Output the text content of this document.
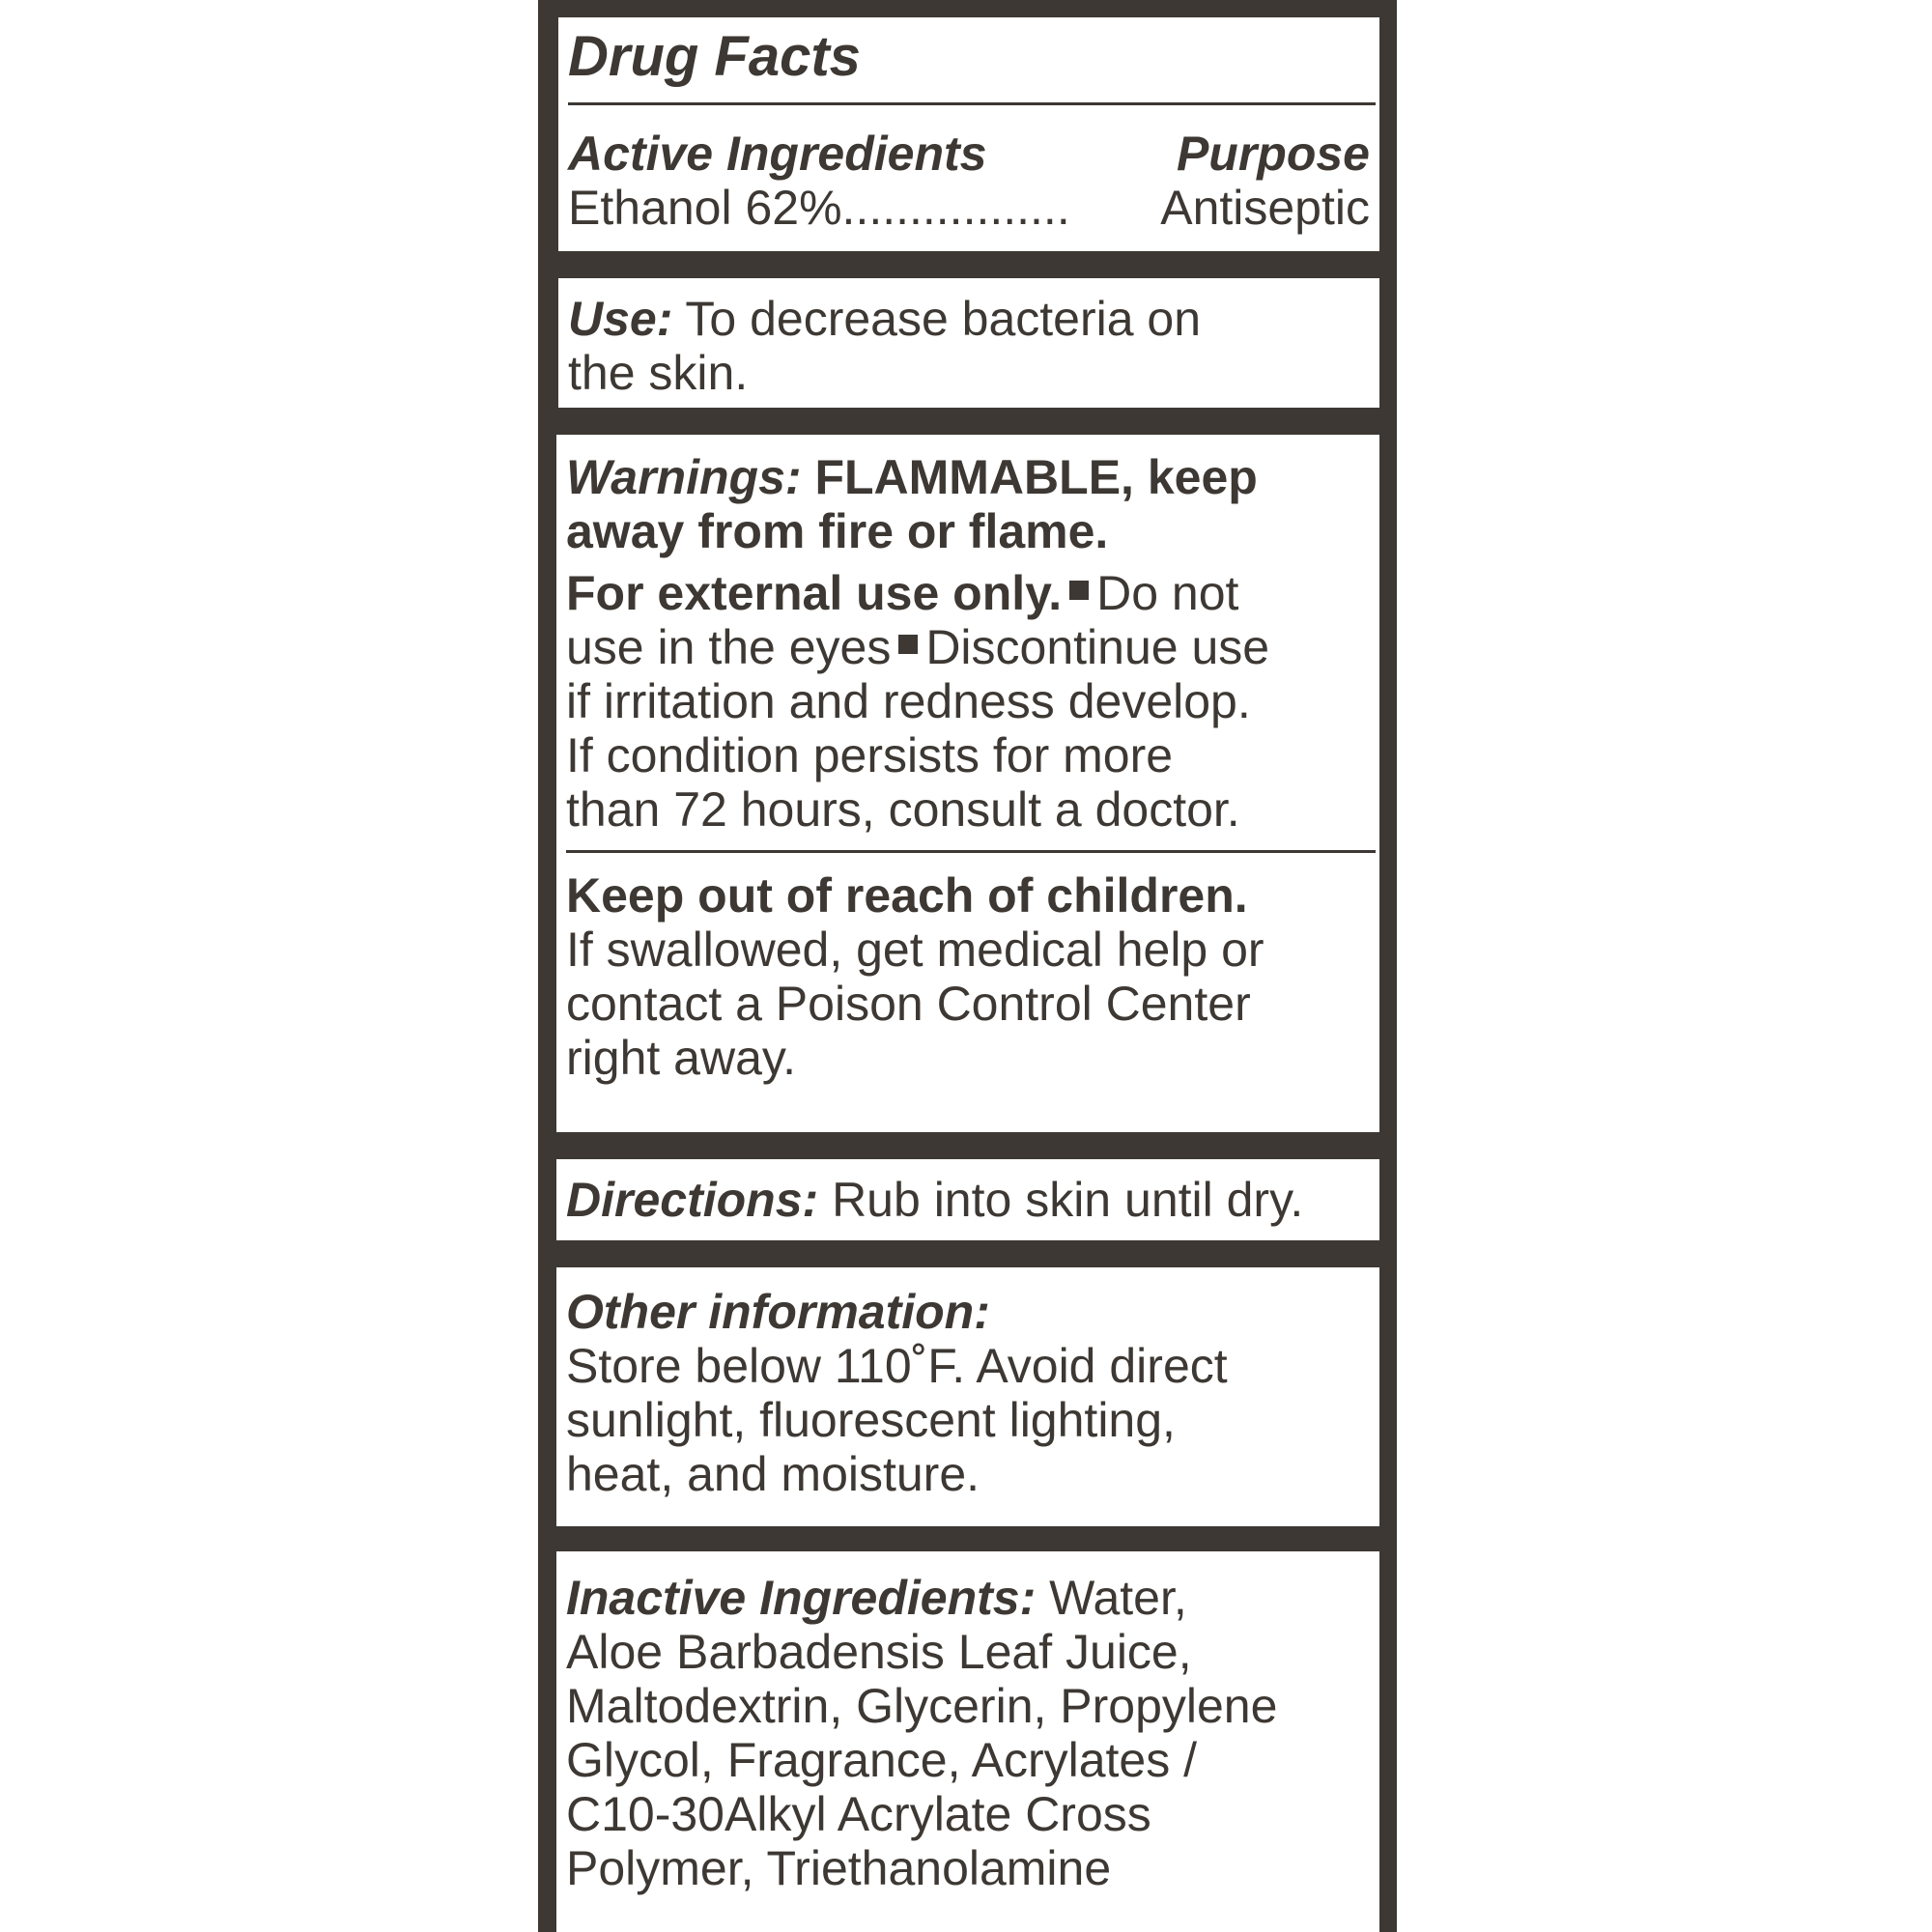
Drug Facts
Active Ingredients	Purpose
Ethanol 62% .................	Antiseptic
Use: To decrease bacteria on
the skin.
Warnings: FLAMMABLE, keep
away from fire or flame.
For external use only. Do not
use in the eyes Discontinue use
if irritation and redness develop.
If condition persists for more
than 72 hours, consult a doctor.
Keep out of reach of children.
If swallowed, get medical help or
contact a Poison Control Center
right away.
Directions: Rub into skin until dry.
Other information:
Store below 110˚F. Avoid direct
sunlight, fluorescent lighting,
heat, and moisture.
Inactive Ingredients: Water,
Aloe Barbadensis Leaf Juice,
Maltodextrin, Glycerin, Propylene
Glycol, Fragrance, Acrylates /
C10-30Alkyl Acrylate Cross
Polymer, Triethanolamine
